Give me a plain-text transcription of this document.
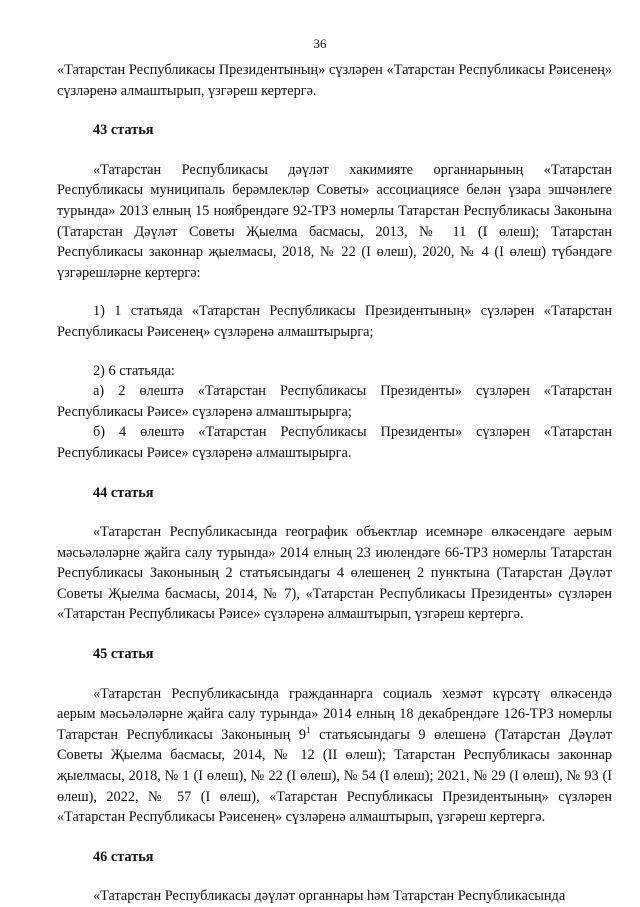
36

«Татарстан Республикасы Президентының» сүзләрен «Татарстан Республикасы Рәисенең» сүзләренә алмаштырып, үзгәреш кертергә.

43 статья

«Татарстан Республикасы дәүләт хакимияте органнарының «Татарстан Республикасы муниципаль берәмлекләр Советы» ассоциациясе белән үзара эшчәнлеге турында» 2013 елның 15 ноябрендәге 92-ТРЗ номерлы Татарстан Республикасы Законына (Татарстан Дәүләт Советы Җыелма басмасы, 2013, № 11 (I өлеш); Татарстан Республикасы законнар җыелмасы, 2018, № 22 (I өлеш), 2020, № 4 (I өлеш) түбәндәге үзгәрешләрне кертергә:

1) 1 статьяда «Татарстан Республикасы Президентының» сүзләрен «Татарстан Республикасы Рәисенең» сүзләренә алмаштырырга;

2) 6 статьяда:

а) 2 өлештә «Татарстан Республикасы Президенты» сүзләрен «Татарстан Республикасы Рәисе» сүзләренә алмаштырырга;

б) 4 өлештә «Татарстан Республикасы Президенты» сүзләрен «Татарстан Республикасы Рәисе» сүзләренә алмаштырырга.

44 статья

«Татарстан Республикасында географик объектлар исемнәре өлкәсендәге аерым мәсьәләләрне җайга салу турында» 2014 елның 23 июлендәге 66-ТРЗ номерлы Татарстан Республикасы Законының 2 статьясындагы 4 өлешенең 2 пунктына (Татарстан Дәүләт Советы Җыелма басмасы, 2014, № 7), «Татарстан Республикасы Президенты» сүзләрен «Татарстан Республикасы Рәисе» сүзләренә алмаштырып, үзгәреш кертергә.

45 статья

«Татарстан Республикасында гражданнарга социаль хезмәт күрсәтү өлкәсендә аерым мәсьәләләрне җайга салу турында» 2014 елның 18 декабрендәге 126-ТРЗ номерлы Татарстан Республикасы Законының $9^1$ статьясындагы 9 өлешенә (Татарстан Дәүләт Советы Җыелма басмасы, 2014, № 12 (II өлеш); Татарстан Республикасы законнар җыелмасы, 2018, № 1 (I өлеш), № 22 (I өлеш), № 54 (I өлеш); 2021, № 29 (I өлеш), № 93 (I өлеш), 2022, № 57 (I өлеш), «Татарстан Республикасы Президентының» сүзләрен «Татарстан Республикасы Рәисенең» сүзләренә алмаштырып, үзгәреш кертергә.

46 статья

«Татарстан Республикасы дәүләт органнары һәм Татарстан Республикасында
